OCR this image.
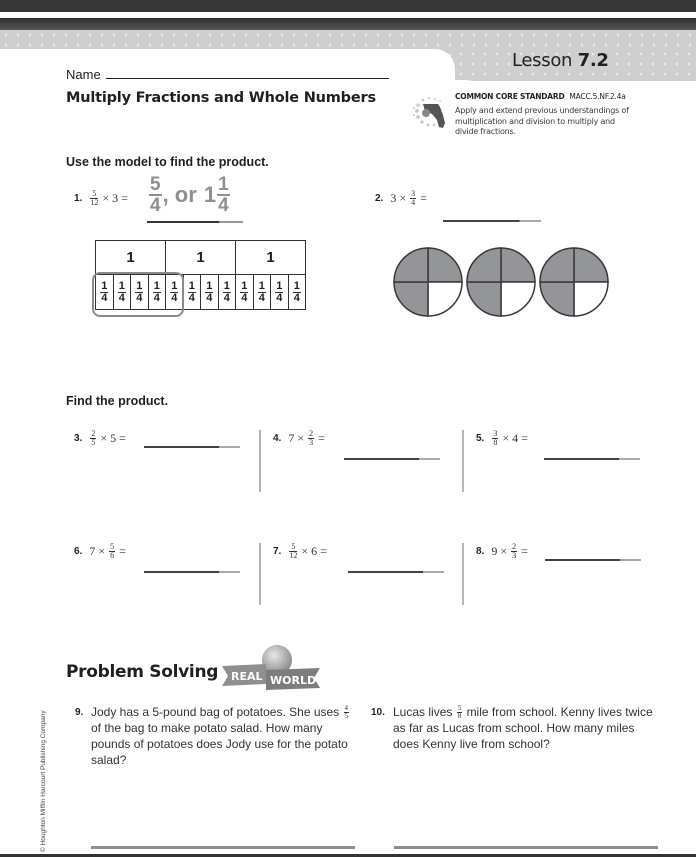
Lesson 7.2
Name
Multiply Fractions and Whole Numbers	COMMON CORE STANDARD MACC.5.NF.2.4a
Apply and extend previous understandings of multiplication and division to multiply and divide fractions.
Use the model to find the product.
1. $\frac{5}{12} \times 3 = \frac{5}{4}$ , or $1 \frac{1}{4}$	2. $3 \times \frac{3}{4}$ =
1	1	1
$\frac{1}{4} \frac{1}{4} \frac{1}{4} \frac{1}{4} \frac{1}{4} \frac{1}{4} \frac{1}{4} \frac{1}{4} \frac{1}{4} \frac{1}{4} \frac{1}{4} \frac{1}{4}$
Find the product.
3. $\frac{2}{5} \times 5$ =	4. $7 \times \frac{2}{3}$ =	5. $\frac{3}{8} \times 4$ =
6. $7 \times \frac{5}{6}$ =	7. $\frac{5}{12} \times 6$ =	8. $9 \times \frac{2}{3}$ =
Problem Solving REAL WORLD
9. Jody has a 5-pound bag of potatoes. She uses $\frac{4}{5}$
of the bag to make potato salad. How many pounds of potatoes does Jody use for the potato salad?
10. Lucas lives $\frac{5}{8}$ mile from school. Kenny lives twice as far as Lucas from school. How many miles does Kenny live from school?
© Houghton Mifflin Harcourt Publishing Company
